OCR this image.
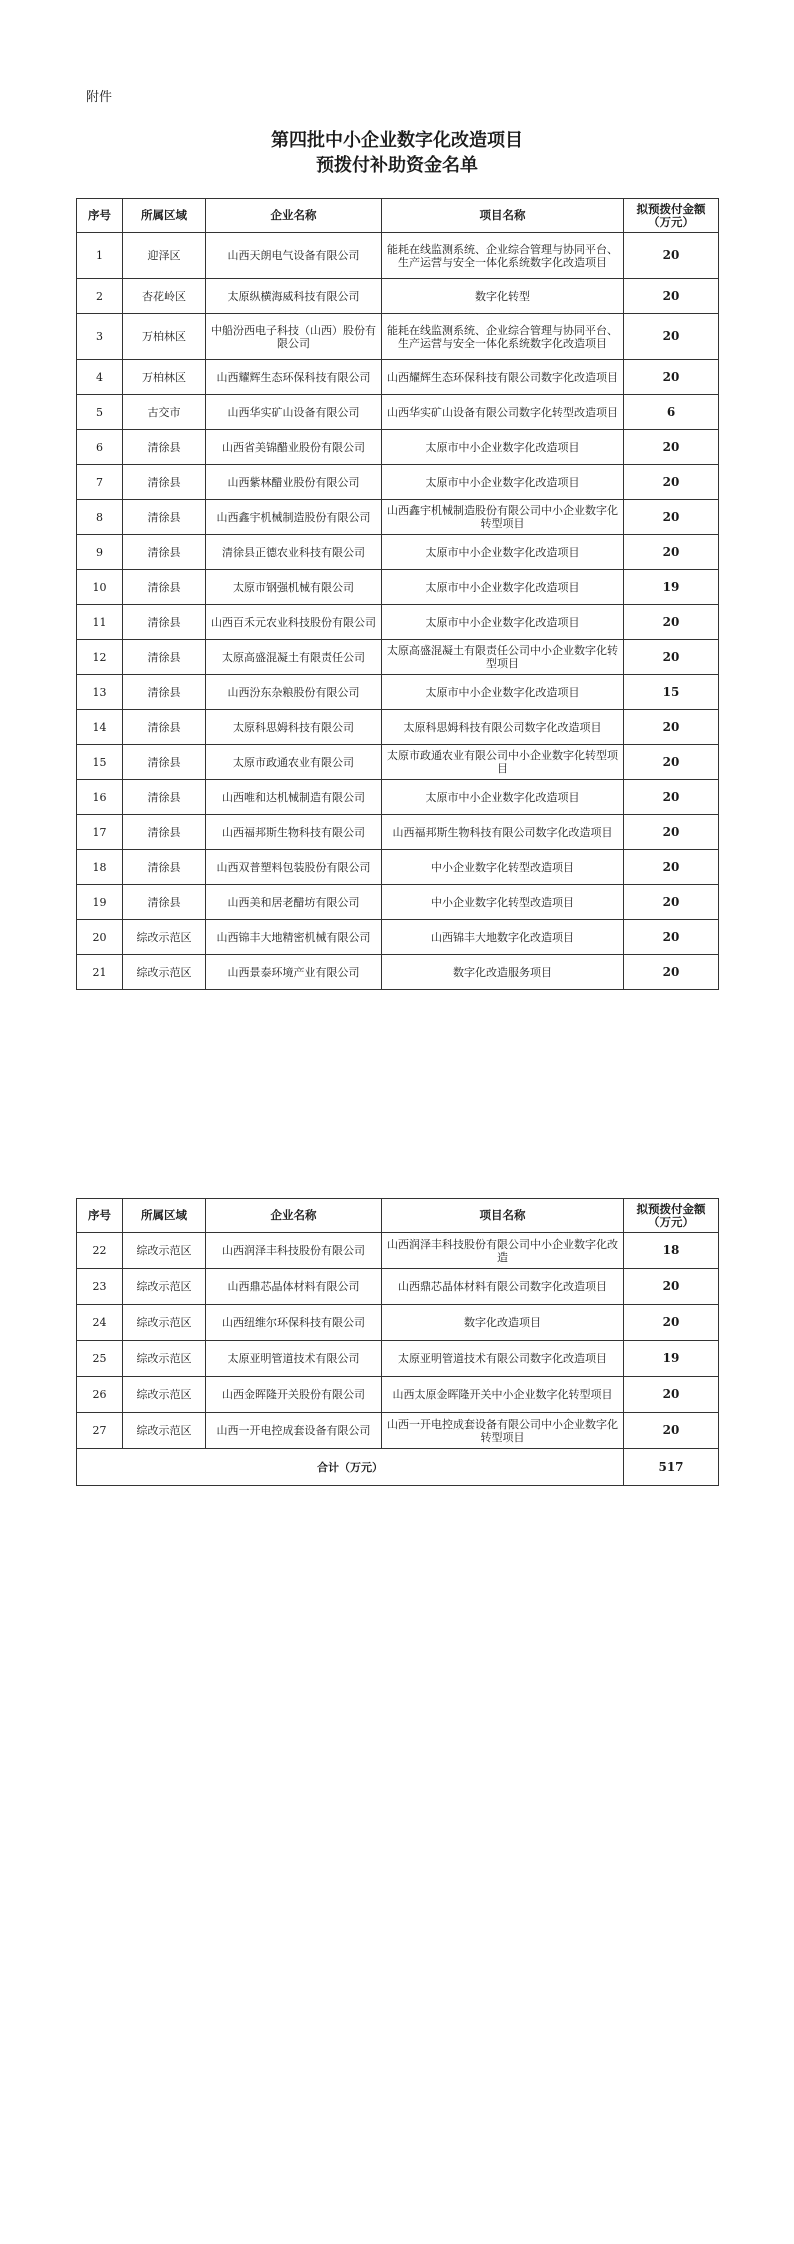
附件
第四批中小企业数字化改造项目
预拨付补助资金名单
序号	所属区域	企业名称	项目名称	拟预拨付金额（万元）
1	迎泽区	山西天朗电气设备有限公司	能耗在线监测系统、企业综合管理与协同平台、生产运营与安全一体化系统数字化改造项目	20
2	杏花岭区	太原纵横海威科技有限公司	数字化转型	20
3	万柏林区	中船汾西电子科技（山西）股份有限公司	能耗在线监测系统、企业综合管理与协同平台、生产运营与安全一体化系统数字化改造项目	20
4	万柏林区	山西耀辉生态环保科技有限公司	山西耀辉生态环保科技有限公司数字化改造项目	20
5	古交市	山西华实矿山设备有限公司	山西华实矿山设备有限公司数字化转型改造项目	6
6	清徐县	山西省美锦醋业股份有限公司	太原市中小企业数字化改造项目	20
7	清徐县	山西紫林醋业股份有限公司	太原市中小企业数字化改造项目	20
8	清徐县	山西鑫宇机械制造股份有限公司	山西鑫宇机械制造股份有限公司中小企业数字化转型项目	20
9	清徐县	清徐县正德农业科技有限公司	太原市中小企业数字化改造项目	20
10	清徐县	太原市钢强机械有限公司	太原市中小企业数字化改造项目	19
11	清徐县	山西百禾元农业科技股份有限公司	太原市中小企业数字化改造项目	20
12	清徐县	太原高盛混凝土有限责任公司	太原高盛混凝土有限责任公司中小企业数字化转型项目	20
13	清徐县	山西汾东杂粮股份有限公司	太原市中小企业数字化改造项目	15
14	清徐县	太原科思姆科技有限公司	太原科思姆科技有限公司数字化改造项目	20
15	清徐县	太原市政通农业有限公司	太原市政通农业有限公司中小企业数字化转型项目	20
16	清徐县	山西唯和达机械制造有限公司	太原市中小企业数字化改造项目	20
17	清徐县	山西福邦斯生物科技有限公司	山西福邦斯生物科技有限公司数字化改造项目	20
18	清徐县	山西双普塑料包装股份有限公司	中小企业数字化转型改造项目	20
19	清徐县	山西美和居老醋坊有限公司	中小企业数字化转型改造项目	20
20	综改示范区	山西锦丰大地精密机械有限公司	山西锦丰大地数字化改造项目	20
21	综改示范区	山西景泰环境产业有限公司	数字化改造服务项目	20
序号	所属区域	企业名称	项目名称	拟预拨付金额（万元）
22	综改示范区	山西润泽丰科技股份有限公司	山西润泽丰科技股份有限公司中小企业数字化改造	18
23	综改示范区	山西鼎芯晶体材料有限公司	山西鼎芯晶体材料有限公司数字化改造项目	20
24	综改示范区	山西纽维尔环保科技有限公司	数字化改造项目	20
25	综改示范区	太原亚明管道技术有限公司	太原亚明管道技术有限公司数字化改造项目	19
26	综改示范区	山西金晖隆开关股份有限公司	山西太原金晖隆开关中小企业数字化转型项目	20
27	综改示范区	山西一开电控成套设备有限公司	山西一开电控成套设备有限公司中小企业数字化转型项目	20
合计（万元）				517
